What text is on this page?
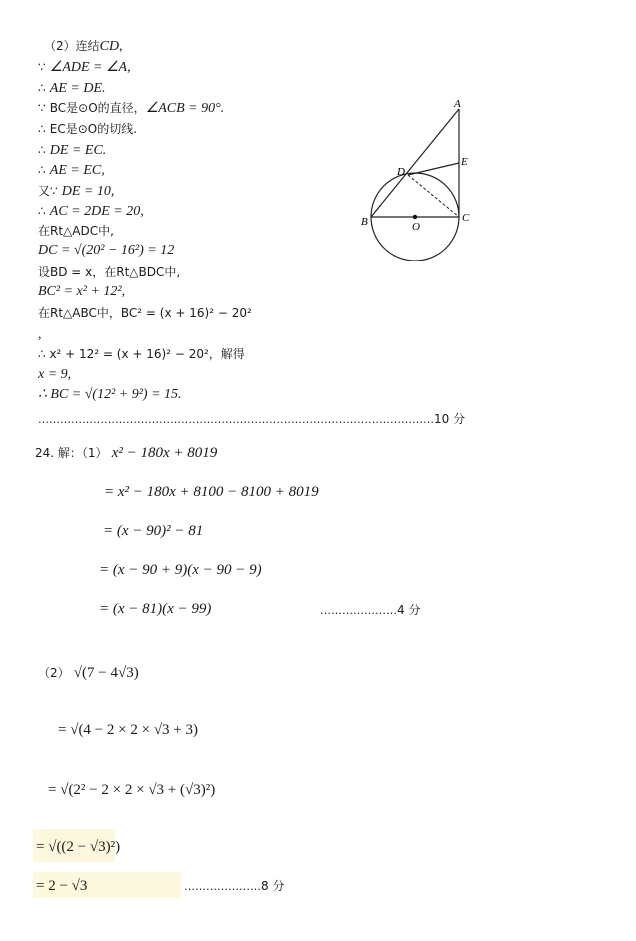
（2）连结CD,
∵ ∠ADE = ∠A,
∴ AE = DE.
∵ BC是⊙O的直径，∠ACB = 90°.
∴ EC是⊙O的切线.
∴ DE = EC.
∴ AE = EC,
又∵ DE = 10,
∴ AC = 2DE = 20,
在Rt△ADC中,
DC = √(20² − 16²) = 12
设BD = x，在Rt△BDC中,
BC² = x² + 12²,
在Rt△ABC中，BC² = (x + 16)² − 20²
,
∴ x² + 12² = (x + 16)² − 20²，解得
x = 9,
∴ BC = √(12² + 9²) = 15.
………………………………………………………………………………………………10 分
A
B	C
D
E
O
24. 解：（1） x² − 180x + 8019
= x² − 180x + 8100 − 8100 + 8019
= (x − 90)² − 81
= (x − 90 + 9)(x − 90 − 9)
= (x − 81)(x − 99)	…………………4 分
（2） √(7 − 4√3)
= √(4 − 2 × 2 × √3 + 3)
= √(2² − 2 × 2 × √3 + (√3)²)
= √((2 − √3)²)
= 2 − √3	…………………8 分
